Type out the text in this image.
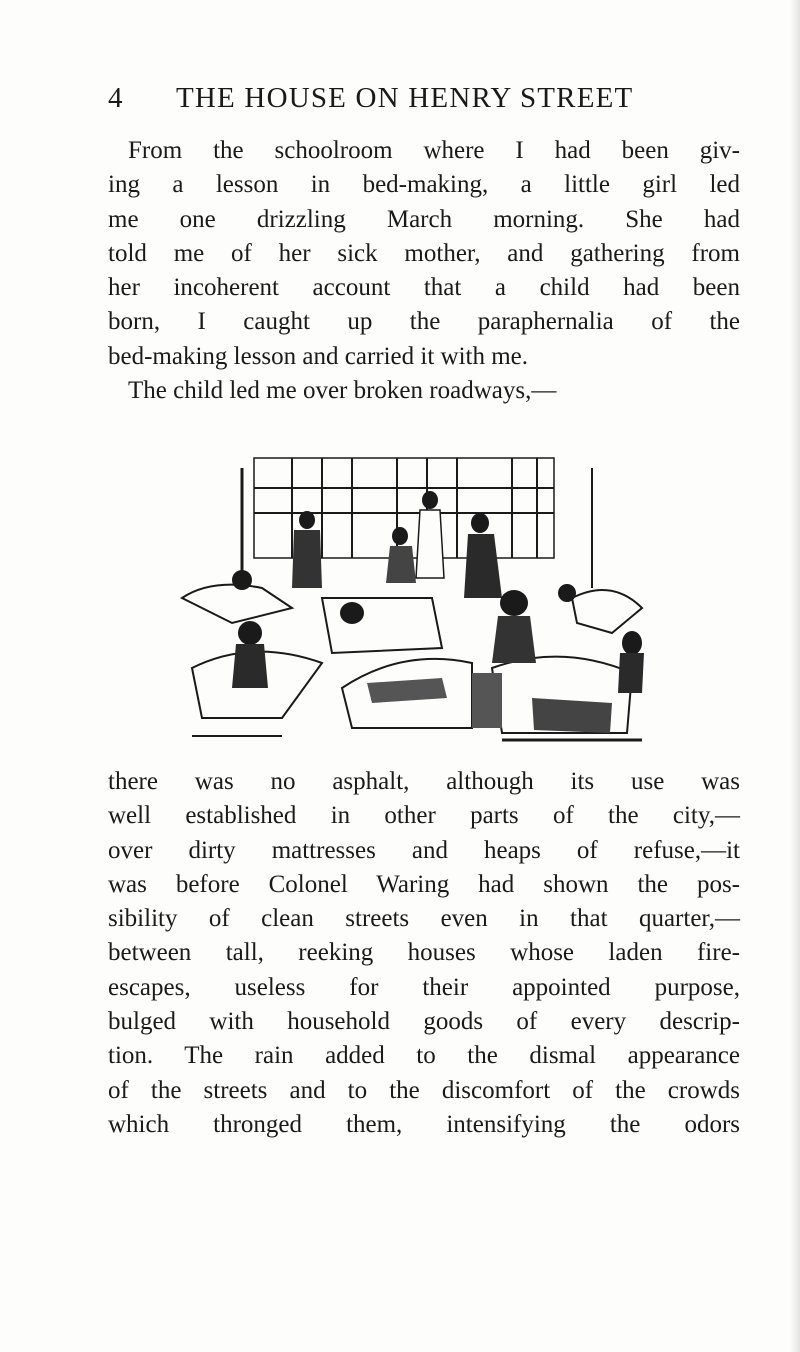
4 THE HOUSE ON HENRY STREET
From the schoolroom where I had been giv-
ing a lesson in bed-making, a little girl led
me one drizzling March morning. She had
told me of her sick mother, and gathering from
her incoherent account that a child had been
born, I caught up the paraphernalia of the
bed-making lesson and carried it with me.
The child led me over broken roadways,—
there was no asphalt, although its use was
well established in other parts of the city,—
over dirty mattresses and heaps of refuse,—it
was before Colonel Waring had shown the pos-
sibility of clean streets even in that quarter,—
between tall, reeking houses whose laden fire-
escapes, useless for their appointed purpose,
bulged with household goods of every descrip-
tion. The rain added to the dismal appearance
of the streets and to the discomfort of the crowds
which thronged them, intensifying the odors
